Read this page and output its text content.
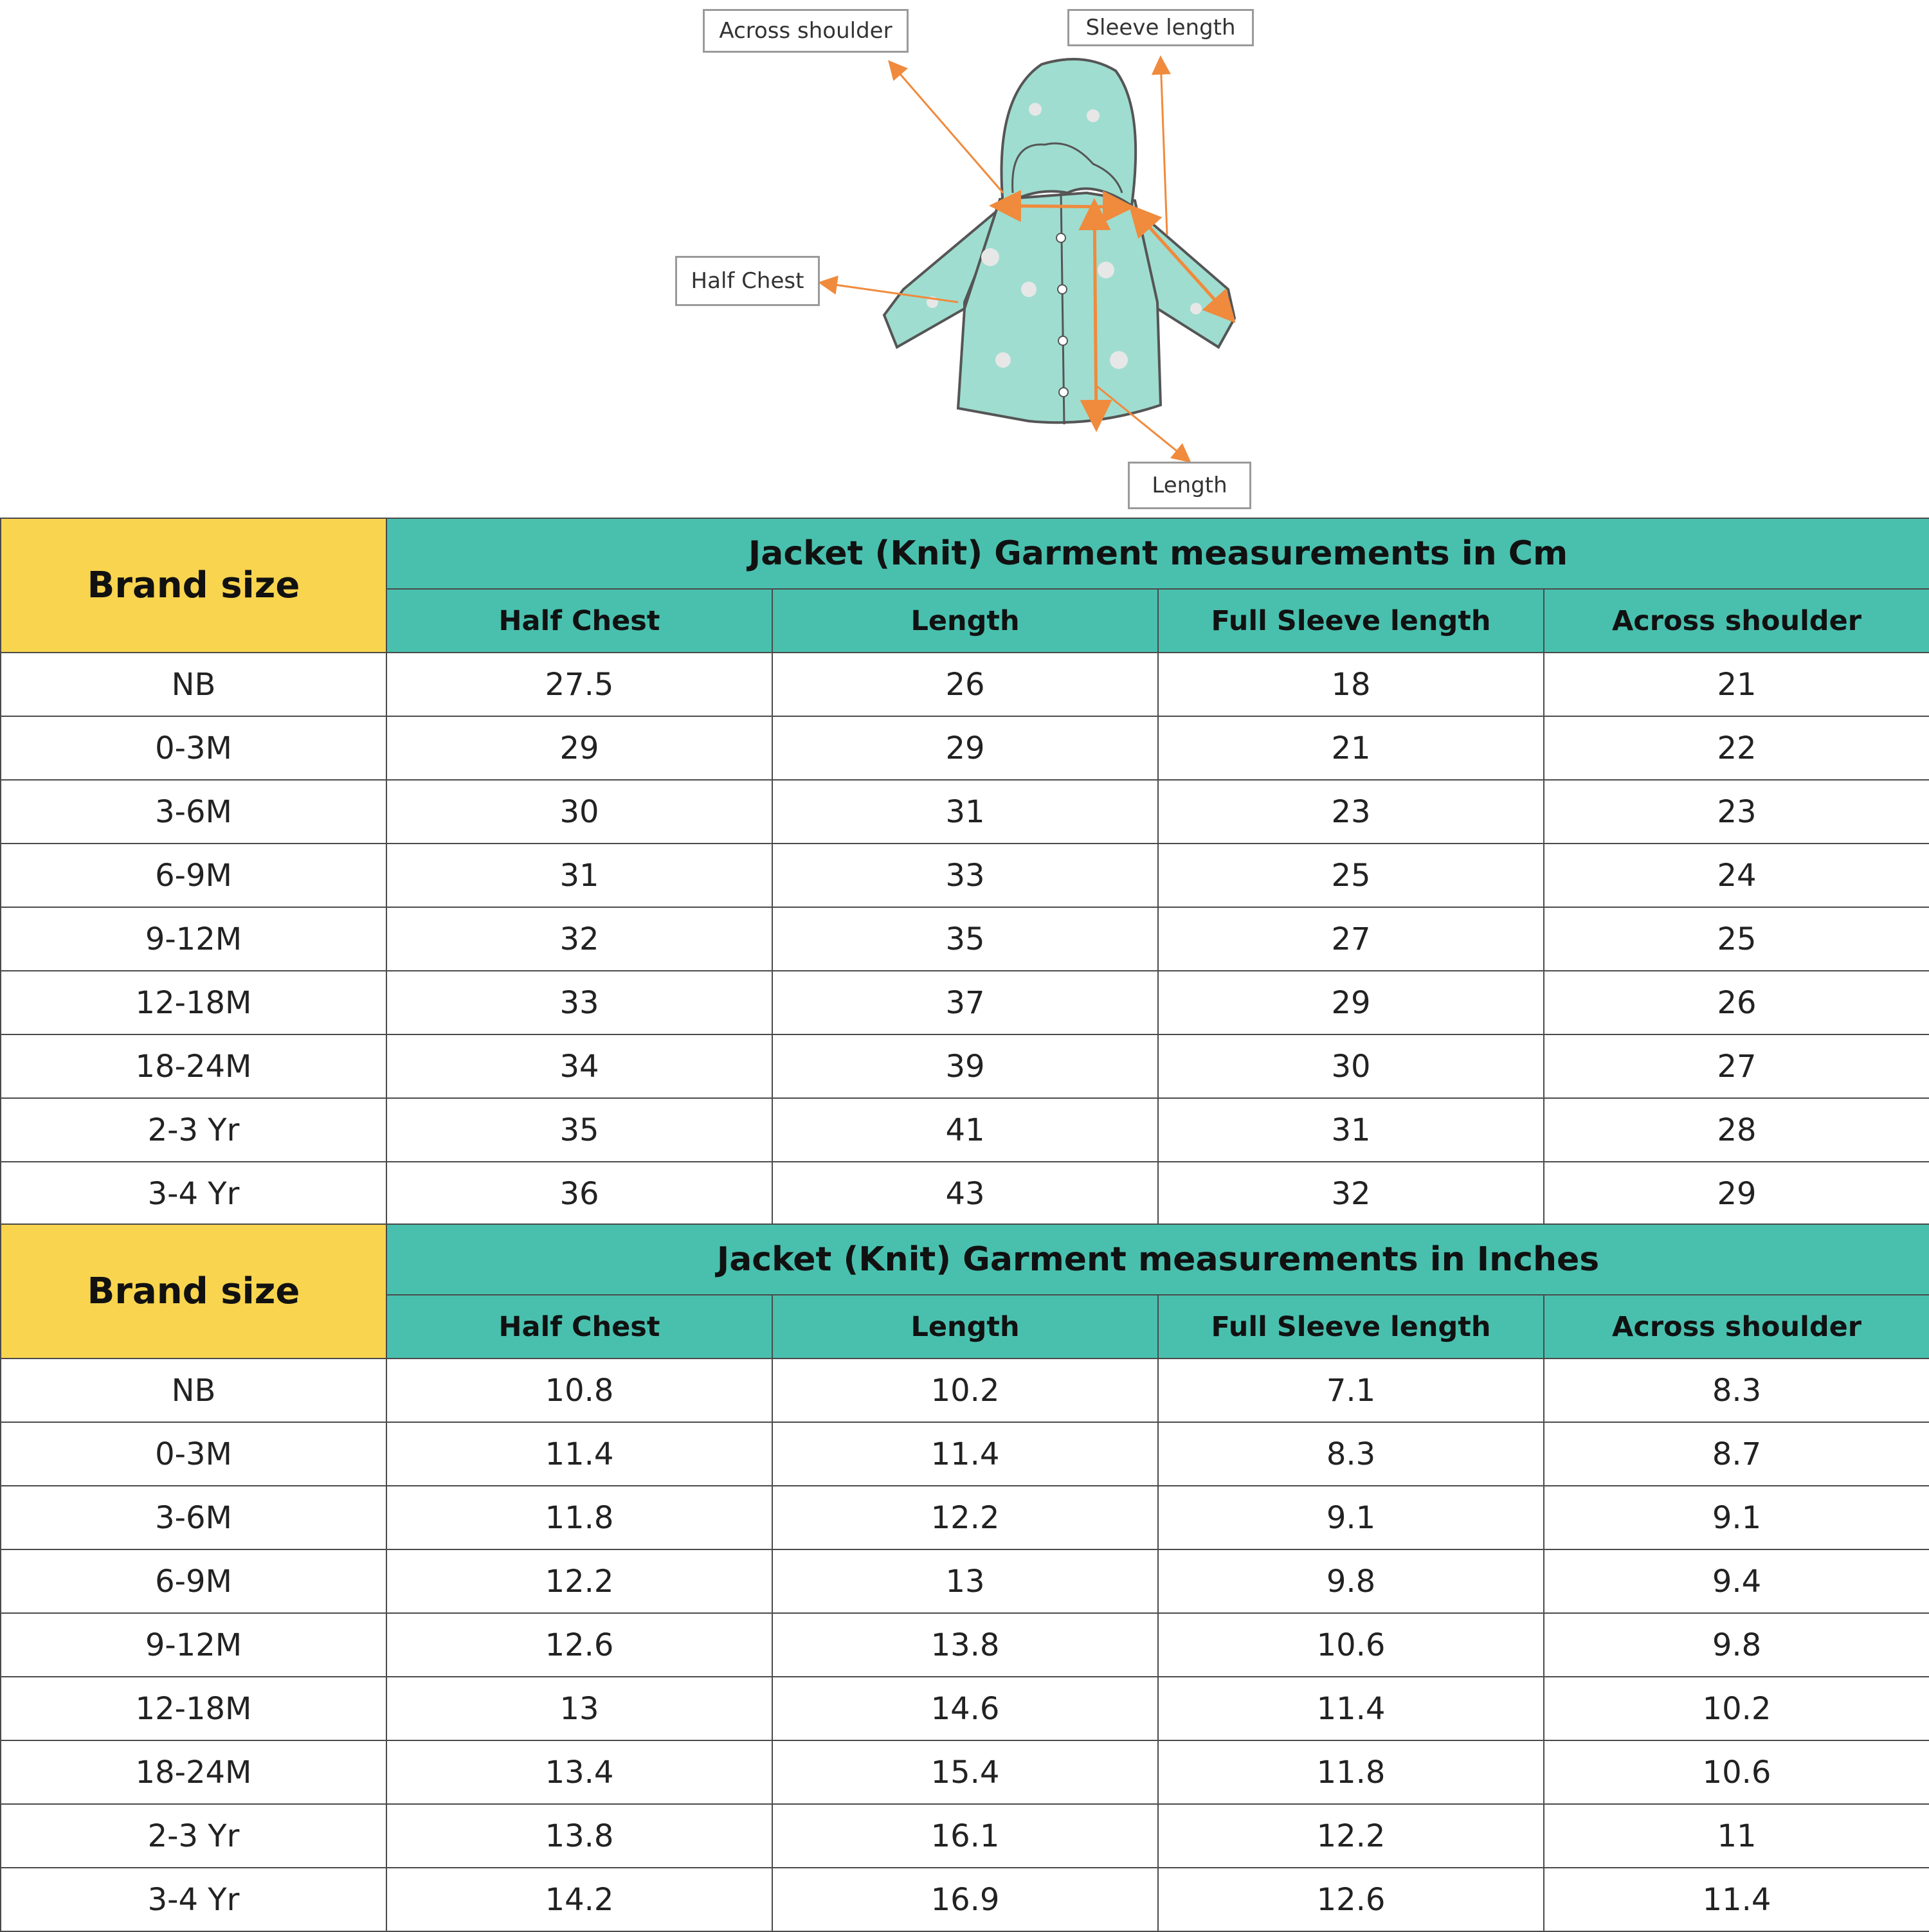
Across shoulder	Sleeve length
Half Chest
Length
Brand size	Jacket (Knit) Garment measurements in Cm			
	Half Chest	Length	Full Sleeve length	Across shoulder
NB	27.5	26	18	21
0-3M	29	29	21	22
3-6M	30	31	23	23
6-9M	31	33	25	24
9-12M	32	35	27	25
12-18M	33	37	29	26
18-24M	34	39	30	27
2-3 Yr	35	41	31	28
3-4 Yr	36	43	32	29
Brand size	Jacket (Knit) Garment measurements in Inches			
	Half Chest	Length	Full Sleeve length	Across shoulder
NB	10.8	10.2	7.1	8.3
0-3M	11.4	11.4	8.3	8.7
3-6M	11.8	12.2	9.1	9.1
6-9M	12.2	13	9.8	9.4
9-12M	12.6	13.8	10.6	9.8
12-18M	13	14.6	11.4	10.2
18-24M	13.4	15.4	11.8	10.6
2-3 Yr	13.8	16.1	12.2	11
3-4 Yr	14.2	16.9	12.6	11.4
